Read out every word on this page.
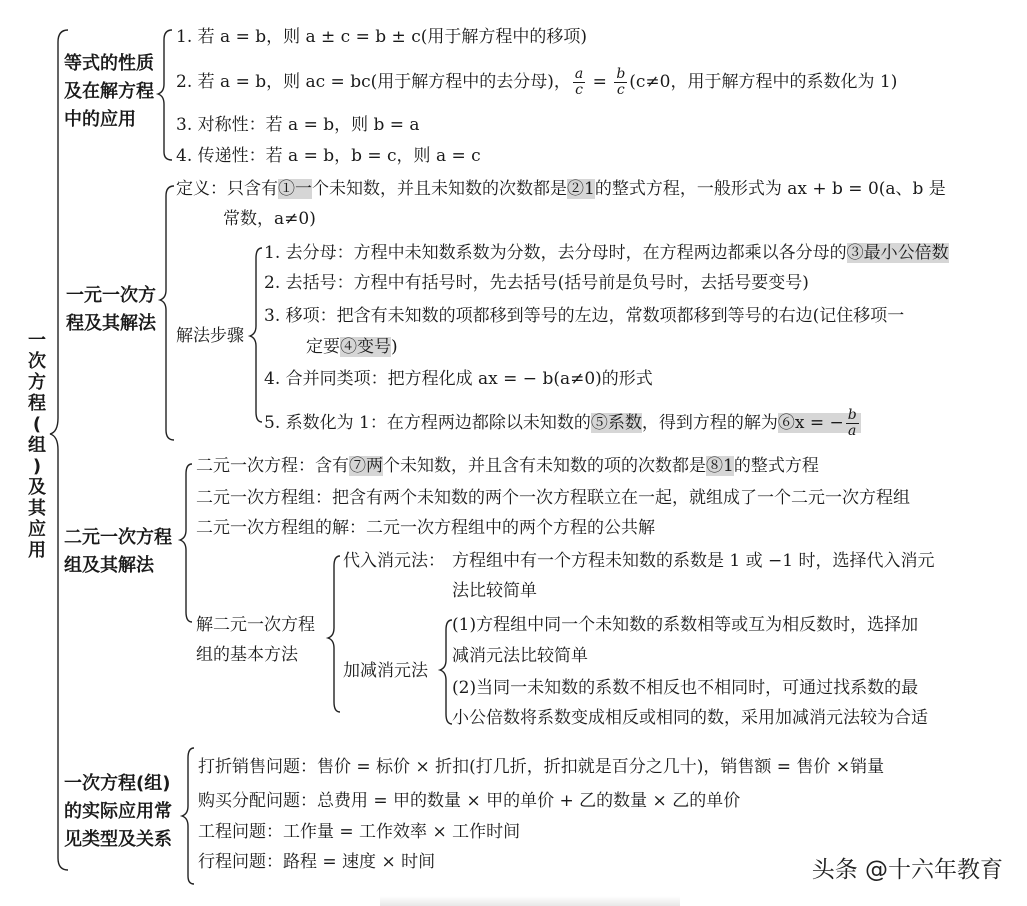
一
次
方
程
(
组
)
及
其
应
用
等式的性质
及在解方程
中的应用
1. 若 a = b，则 a ± c = b ± c(用于解方程中的移项)
2. 若 a = b，则 ac = bc(用于解方程中的去分母)， $\frac{a}{c} = \frac{b}{c} (c\ne 0$，用于解方程中的系数化为 1)
3. 对称性：若 a = b，则 b = a
4. 传递性：若 a = b，b = c，则 a = c
一元一次方
程及其解法
定义：只含有①一个未知数，并且未知数的次数都是②1的整式方程，一般形式为 ax + b = 0(a、b 是
常数，a≠0)
解法步骤
1. 去分母：方程中未知数系数为分数，去分母时，在方程两边都乘以各分母的③最小公倍数
2. 去括号：方程中有括号时，先去括号(括号前是负号时，去括号要变号)
3. 移项：把含有未知数的项都移到等号的左边，常数项都移到等号的右边(记住移项一
定要④变号)
4. 合并同类项：把方程化成 ax = − b(a≠0)的形式
5. 系数化为 1：在方程两边都除以未知数的⑤系数，得到方程的解为⑥x = − $\frac{b}{a}$
二元一次方程
组及其解法
二元一次方程：含有⑦两个未知数，并且含有未知数的项的次数都是⑧1的整式方程
二元一次方程组：把含有两个未知数的两个一次方程联立在一起，就组成了一个二元一次方程组
二元一次方程组的解：二元一次方程组中的两个方程的公共解
解二元一次方程
组的基本方法
代入消元法： 方程组中有一个方程未知数的系数是 1 或 −1 时，选择代入消元
法比较简单
加减消元法
(1)方程组中同一个未知数的系数相等或互为相反数时，选择加
减消元法比较简单
(2)当同一未知数的系数不相反也不相同时，可通过找系数的最
小公倍数将系数变成相反或相同的数，采用加减消元法较为合适
一次方程(组)
的实际应用常
见类型及关系
打折销售问题：售价 = 标价 × 折扣(打几折，折扣就是百分之几十)，销售额 = 售价 ×销量
购买分配问题：总费用 = 甲的数量 × 甲的单价 + 乙的数量 × 乙的单价
工程问题：工作量 = 工作效率 × 工作时间
行程问题：路程 = 速度 × 时间	头条 @十六年教育
